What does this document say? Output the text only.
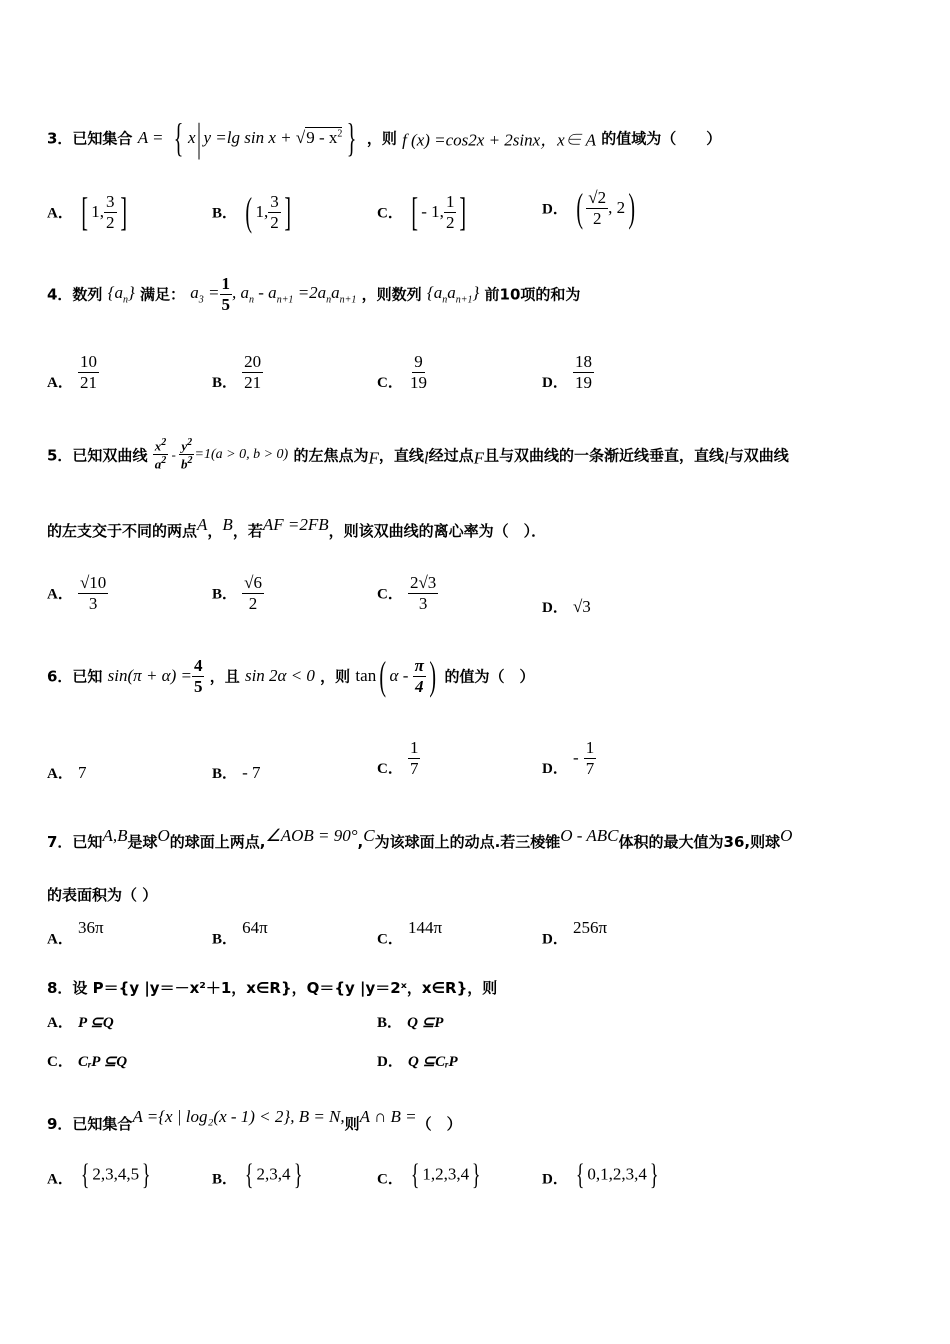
3．已知集合 A = { x| y =lg $\sin x + √9 - x^2$ } ，则 f (x) =cos2x + 2sinx，x∈ A 的值域为（　　）
A． [ 1, $\frac{3}{2}$ ]	B． ( 1, $\frac{3}{2}$ ]	C． [ - 1, $\frac{1}{2}$ ]	D． ( $\frac{√2}{2}$ , 2)
4．数列 $\{a_n\}$ 满足： $a_3 = \frac{1}{5}$ , $a_n - a_{n+1} =2a_na_{n+1}$ ，则数列 $\{a_na_{n+1}\}$ 前10项的和为
A． $\frac{10}{21}$	B． $\frac{20}{21}$	C． $\frac{9}{19}$	D． $\frac{18}{19}$
5．已知双曲线 $\frac{x^2}{a^2} - \frac{y^2}{b^2} =1(a > 0$, b > 0) 的左焦点为F，直线l经过点F且与双曲线的一条渐近线垂直，直线l与双曲线
的左支交于不同的两点A，B，若AF =2FB，则该双曲线的离心率为（　）．
A． $\frac{√10}{3}$	B． $\frac{√6}{2}$	C． $\frac{2√3}{3}$	D． √3
6．已知 $\sin(\pi + \alpha) = \frac{4}{5}$ ，且 sin 2α < 0 ，则 tan( α - $\frac{\pi}{4}$ ) 的值为（　）
A． 7	B． - 7	C． $\frac{1}{7}$	D． - $\frac{1}{7}$
7．已知A,B是球O的球面上两点,∠AOB = 90°,C为该球面上的动点.若三棱锥O - ABC体积的最大值为36,则球O
的表面积为（ ）
A． 36π
B． 64π
C． 144π
D． 256π
8．设 P＝{y |y＝－x²＋1，x∈R}，Q＝{y |y＝2ˣ，x∈R}，则
A． P ⊆Q	B． Q ⊆P
C． CᵣP ⊆Q	D． Q ⊆CᵣP
9．已知集合A ={x | log₂(x - 1) < 2}, B = N,则A ∩ B =（　）
A． { 2,3,4,5}	B． { 2,3,4}	C． { 1,2,3,4}	D． { 0,1,2,3,4}
